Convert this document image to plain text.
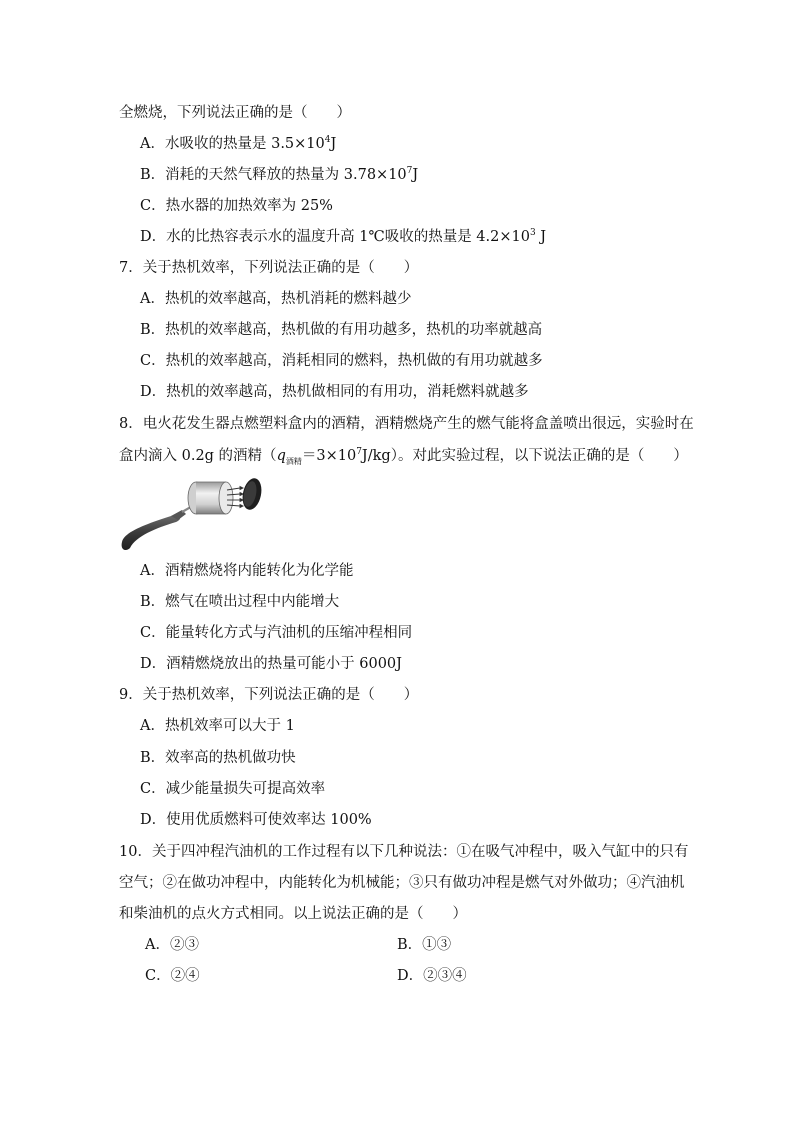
全燃烧，下列说法正确的是（　　）
A．水吸收的热量是 $3.5\times 10^4J$
B．消耗的天然气释放的热量为 $3.78\times 10^7J$
C．热水器的加热效率为 25%
D．水的比热容表示水的温度升高 1℃吸收的热量是 $4.2\times 10^3$ J
7．关于热机效率，下列说法正确的是（　　）
A．热机的效率越高，热机消耗的燃料越少
B．热机的效率越高，热机做的有用功越多，热机的功率就越高
C．热机的效率越高，消耗相同的燃料，热机做的有用功就越多
D．热机的效率越高，热机做相同的有用功，消耗燃料就越多
8．电火花发生器点燃塑料盒内的酒精，酒精燃烧产生的燃气能将盒盖喷出很远，实验时在
盒内滴入 0.2g 的酒精$(q_{酒精}=3\times 10^7J/kg)$。对此实验过程，以下说法正确的是（　　）
A．酒精燃烧将内能转化为化学能
B．燃气在喷出过程中内能增大
C．能量转化方式与汽油机的压缩冲程相同
D．酒精燃烧放出的热量可能小于 6000J
9．关于热机效率，下列说法正确的是（　　）
A．热机效率可以大于 1
B．效率高的热机做功快
C．减少能量损失可提高效率
D．使用优质燃料可使效率达 100%
10．关于四冲程汽油机的工作过程有以下几种说法：①在吸气冲程中，吸入气缸中的只有
空气；②在做功冲程中，内能转化为机械能；③只有做功冲程是燃气对外做功；④汽油机
和柴油机的点火方式相同。以上说法正确的是（　　）
A．②③	B．①③
C．②④	D．②③④
